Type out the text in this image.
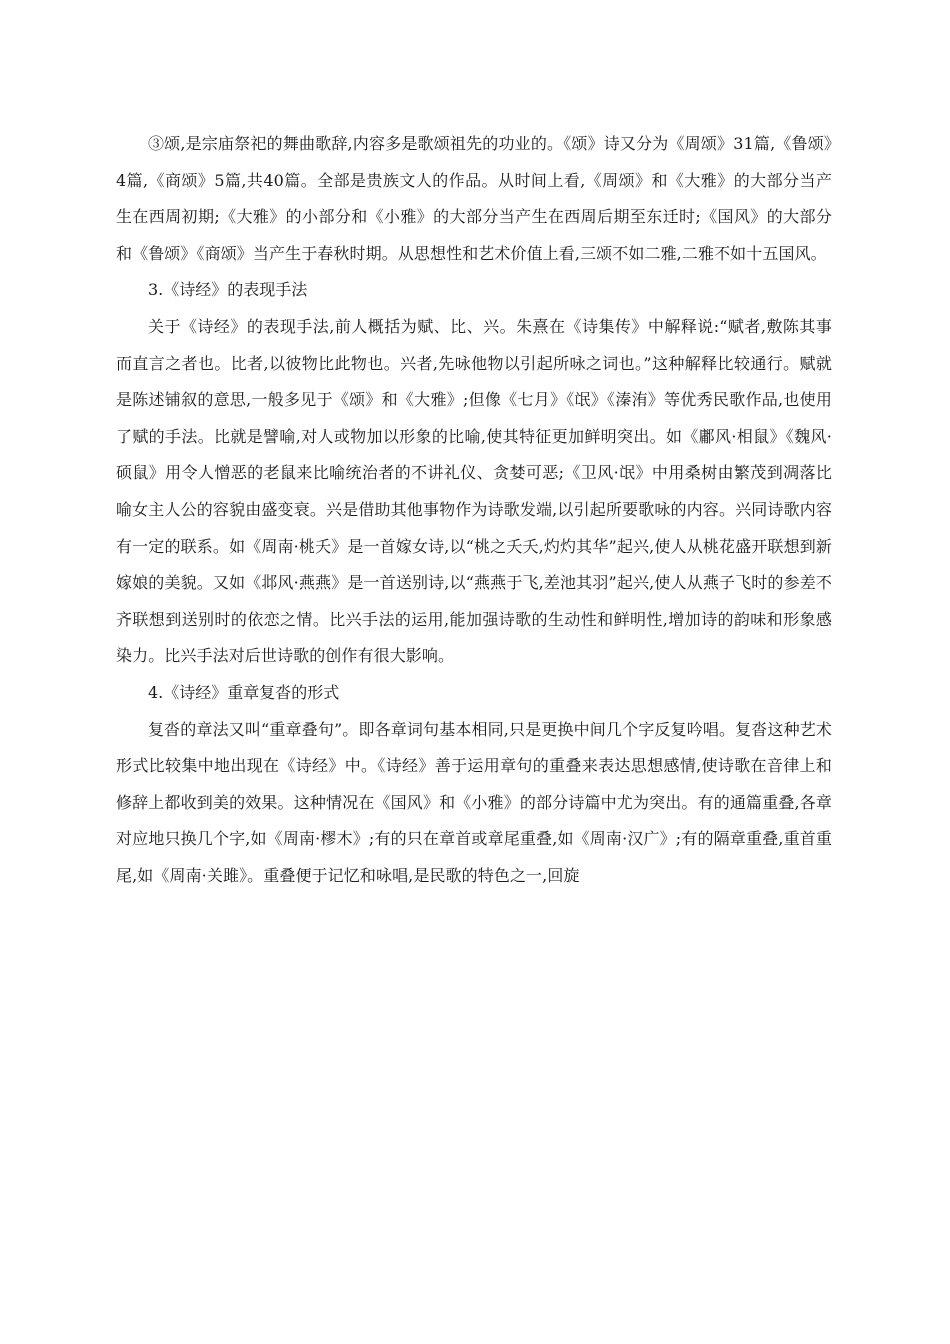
③颂,是宗庙祭祀的舞曲歌辞,内容多是歌颂祖先的功业的。《颂》诗又分为《周颂》31篇,《鲁颂》4篇,《商颂》5篇,共40篇。全部是贵族文人的作品。从时间上看,《周颂》和《大雅》的大部分当产生在西周初期;《大雅》的小部分和《小雅》的大部分当产生在西周后期至东迁时;《国风》的大部分和《鲁颂》《商颂》当产生于春秋时期。从思想性和艺术价值上看,三颂不如二雅,二雅不如十五国风。

3.《诗经》的表现手法

关于《诗经》的表现手法,前人概括为赋、比、兴。朱熹在《诗集传》中解释说:“赋者,敷陈其事而直言之者也。比者,以彼物比此物也。兴者,先咏他物以引起所咏之词也。”这种解释比较通行。赋就是陈述铺叙的意思,一般多见于《颂》和《大雅》;但像《七月》《氓》《溱洧》等优秀民歌作品,也使用了赋的手法。比就是譬喻,对人或物加以形象的比喻,使其特征更加鲜明突出。如《鄘风·相鼠》《魏风·硕鼠》用令人憎恶的老鼠来比喻统治者的不讲礼仪、贪婪可恶;《卫风·氓》中用桑树由繁茂到凋落比喻女主人公的容貌由盛变衰。兴是借助其他事物作为诗歌发端,以引起所要歌咏的内容。兴同诗歌内容有一定的联系。如《周南·桃夭》是一首嫁女诗,以“桃之夭夭,灼灼其华”起兴,使人从桃花盛开联想到新嫁娘的美貌。又如《邶风·燕燕》是一首送别诗,以“燕燕于飞,差池其羽”起兴,使人从燕子飞时的参差不齐联想到送别时的依恋之情。比兴手法的运用,能加强诗歌的生动性和鲜明性,增加诗的韵味和形象感染力。比兴手法对后世诗歌的创作有很大影响。

4.《诗经》重章复沓的形式

复沓的章法又叫“重章叠句”。即各章词句基本相同,只是更换中间几个字反复吟唱。复沓这种艺术形式比较集中地出现在《诗经》中。《诗经》善于运用章句的重叠来表达思想感情,使诗歌在音律上和修辞上都收到美的效果。这种情况在《国风》和《小雅》的部分诗篇中尤为突出。有的通篇重叠,各章对应地只换几个字,如《周南·樛木》;有的只在章首或章尾重叠,如《周南·汉广》;有的隔章重叠,重首重尾,如《周南·关雎》。重叠便于记忆和咏唱,是民歌的特色之一,回旋
